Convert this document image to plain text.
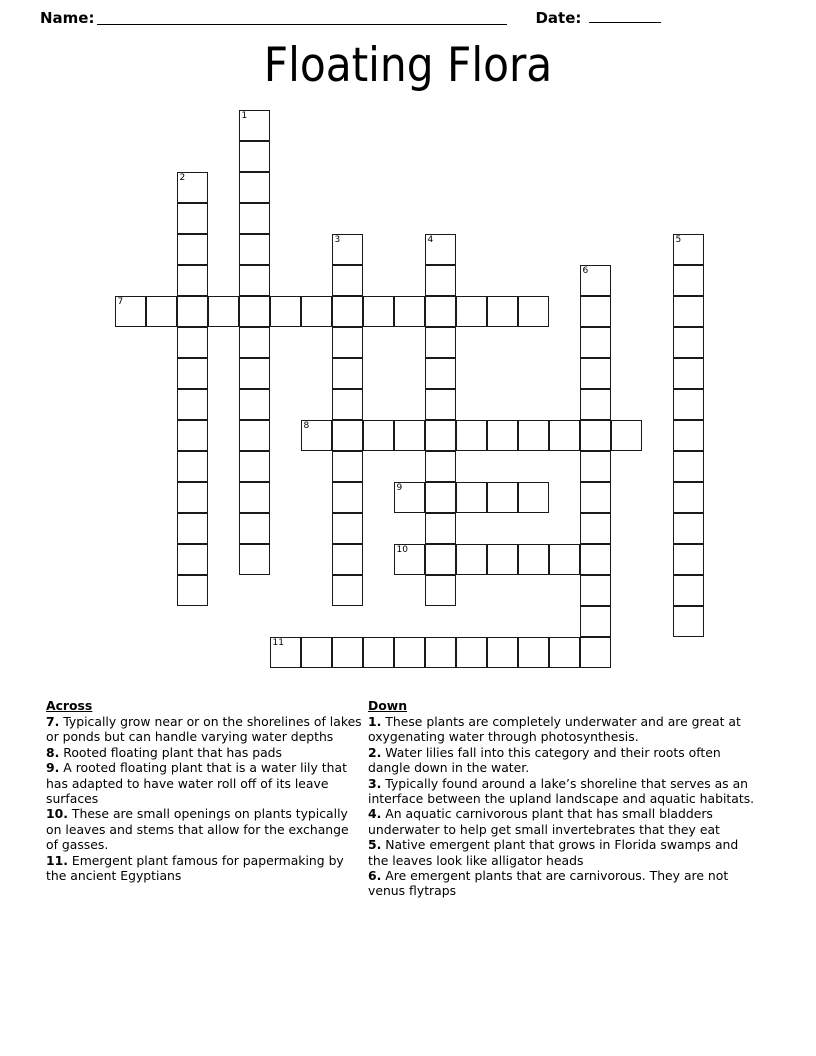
Name:	Date:
Floating Flora
1
2
3	4	5
6
7
8
9
10
11
Across
7. Typically grow near or on the shorelines of lakes or ponds but can handle varying water depths
8. Rooted floating plant that has pads
9. A rooted floating plant that is a water lily that has adapted to have water roll off of its leave surfaces
10. These are small openings on plants typically on leaves and stems that allow for the exchange of gasses.
11. Emergent plant famous for papermaking by the ancient Egyptians
Down
1. These plants are completely underwater and are great at oxygenating water through photosynthesis.
2. Water lilies fall into this category and their roots often dangle down in the water.
3. Typically found around a lake’s shoreline that serves as an interface between the upland landscape and aquatic habitats.
4. An aquatic carnivorous plant that has small bladders underwater to help get small invertebrates that they eat
5. Native emergent plant that grows in Florida swamps and the leaves look like alligator heads
6. Are emergent plants that are carnivorous. They are not venus flytraps
